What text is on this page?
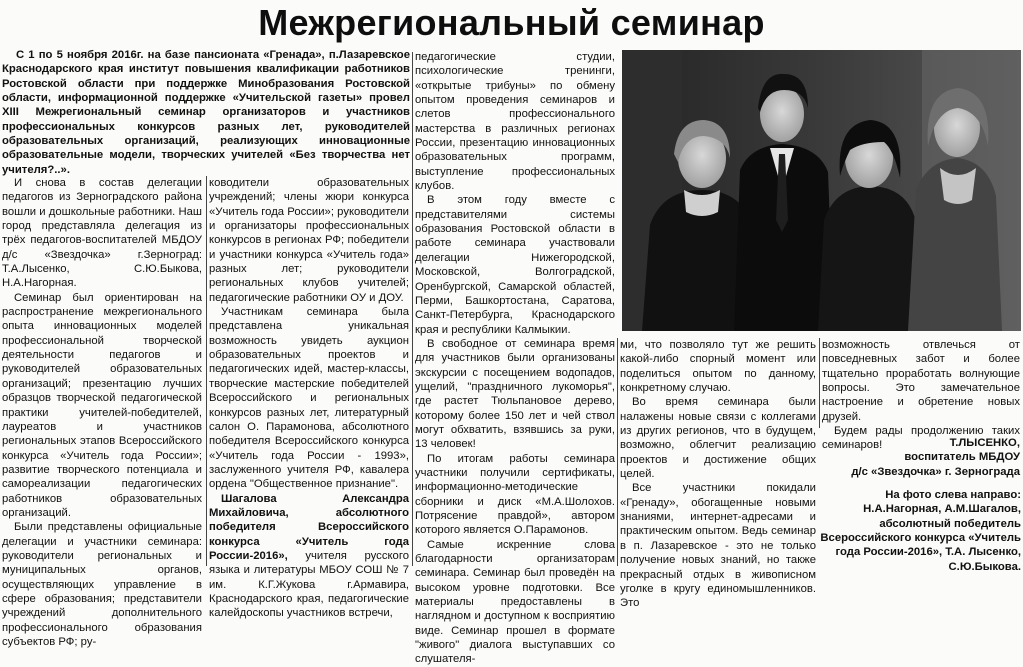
Межрегиональный семинар

С 1 по 5 ноября 2016г. на базе пансионата «Гренада», п.Лазаревское Краснодарского края институт повышения квалификации работников Ростовской области при поддержке Минобразования Ростовской области, информационной поддержке «Учительской газеты» провел XIII Межрегиональный семинар организаторов и участников профессиональных конкурсов разных лет, руководителей образовательных организаций, реализующих инновационные образовательные модели, творческих учителей «Без творчества нет учителя?..».

И снова в состав делегации педагогов из Зерноградского района вошли и дошкольные работники. Наш город представляла делегация из трёх педагогов-воспитателей МБДОУ д/с «Звездочка» г.Зерноград: Т.А.Лысенко, С.Ю.Быкова, Н.А.Нагорная.

Семинар был ориентирован на распространение межрегионального опыта инновационных моделей профессиональной творческой деятельности педагогов и руководителей образовательных организаций; презентацию лучших образцов творческой педагогической практики учителей-победителей, лауреатов и участников региональных этапов Всероссийского конкурса «Учитель года России»; развитие творческого потенциала и самореализации педагогических работников образовательных организаций.

Были представлены официальные делегации и участники семинара: руководители региональных и муниципальных органов, осуществляющих управление в сфере образования; представители учреждений дополнительного профессионального образования субъектов РФ; ру-

ководители образовательных учреждений; члены жюри конкурса «Учитель года России»; руководители и организаторы профессиональных конкурсов в регионах РФ; победители и участники конкурса «Учитель года» разных лет; руководители региональных клубов учителей; педагогические работники ОУ и ДОУ.

Участникам семинара была представлена уникальная возможность увидеть аукцион образовательных проектов и педагогических идей, мастер-классы, творческие мастерские победителей Всероссийского и региональных конкурсов разных лет, литературный салон О. Парамонова, абсолютного победителя Всероссийского конкурса «Учитель года России - 1993», заслуженного учителя РФ, кавалера ордена "Общественное признание".

Шагалова Александра Михайловича, абсолютного победителя Всероссийского конкурса «Учитель года России-2016», учителя русского языка и литературы МБОУ СОШ № 7 им. К.Г.Жукова г.Армавира, Краснодарского края, педагогические калейдоскопы участников встречи,

педагогические студии, психологические тренинги, «открытые трибуны» по обмену опытом проведения семинаров и слетов профессионального мастерства в различных регионах России, презентацию инновационных образовательных программ, выступление профессиональных клубов.

В этом году вместе с представителями системы образования Ростовской области в работе семинара участвовали делегации Нижегородской, Московской, Волгоградской, Оренбургской, Самарской областей, Перми, Башкортостана, Саратова, Санкт-Петербурга, Краснодарского края и республики Калмыкии.

В свободное от семинара время для участников были организованы экскурсии с посещением водопадов, ущелий, "праздничного лукоморья", где растет Тюльпановое дерево, которому более 150 лет и чей ствол могут обхватить, взявшись за руки, 13 человек!

По итогам работы семинара участники получили сертификаты, информационно-методические сборники и диск «М.А.Шолохов. Потрясение правдой», автором которого является О.Парамонов.

Самые искренние слова благодарности организаторам семинара. Семинар был проведён на высоком уровне подготовки. Все материалы предоставлены в наглядном и доступном к восприятию виде. Семинар прошел в формате "живого" диалога выступавших со слушателя-

ми, что позволяло тут же решить какой-либо спорный момент или поделиться опытом по данному, конкретному случаю.

Во время семинара были налажены новые связи с коллегами из других регионов, что в будущем, возможно, облегчит реализацию проектов и достижение общих целей.

Все участники покидали «Гренаду», обогащенные новыми знаниями, интернет-адресами и практическим опытом. Ведь семинар в п. Лазаревское - это не только получение новых знаний, но также прекрасный отдых в живописном уголке в кругу единомышленников. Это

возможность отвлечься от повседневных забот и более тщательно проработать волнующие вопросы. Это замечательное настроение и обретение новых друзей.

Будем рады продолжению таких семинаров!	Т.ЛЫСЕНКО,
воспитатель МБДОУ
д/с «Звездочка» г. Зернограда
На фото слева направо: Н.А.Нагорная, А.М.Шагалов, абсолютный победитель Всероссийского конкурса «Учитель года России-2016», Т.А. Лысенко, С.Ю.Быкова.
